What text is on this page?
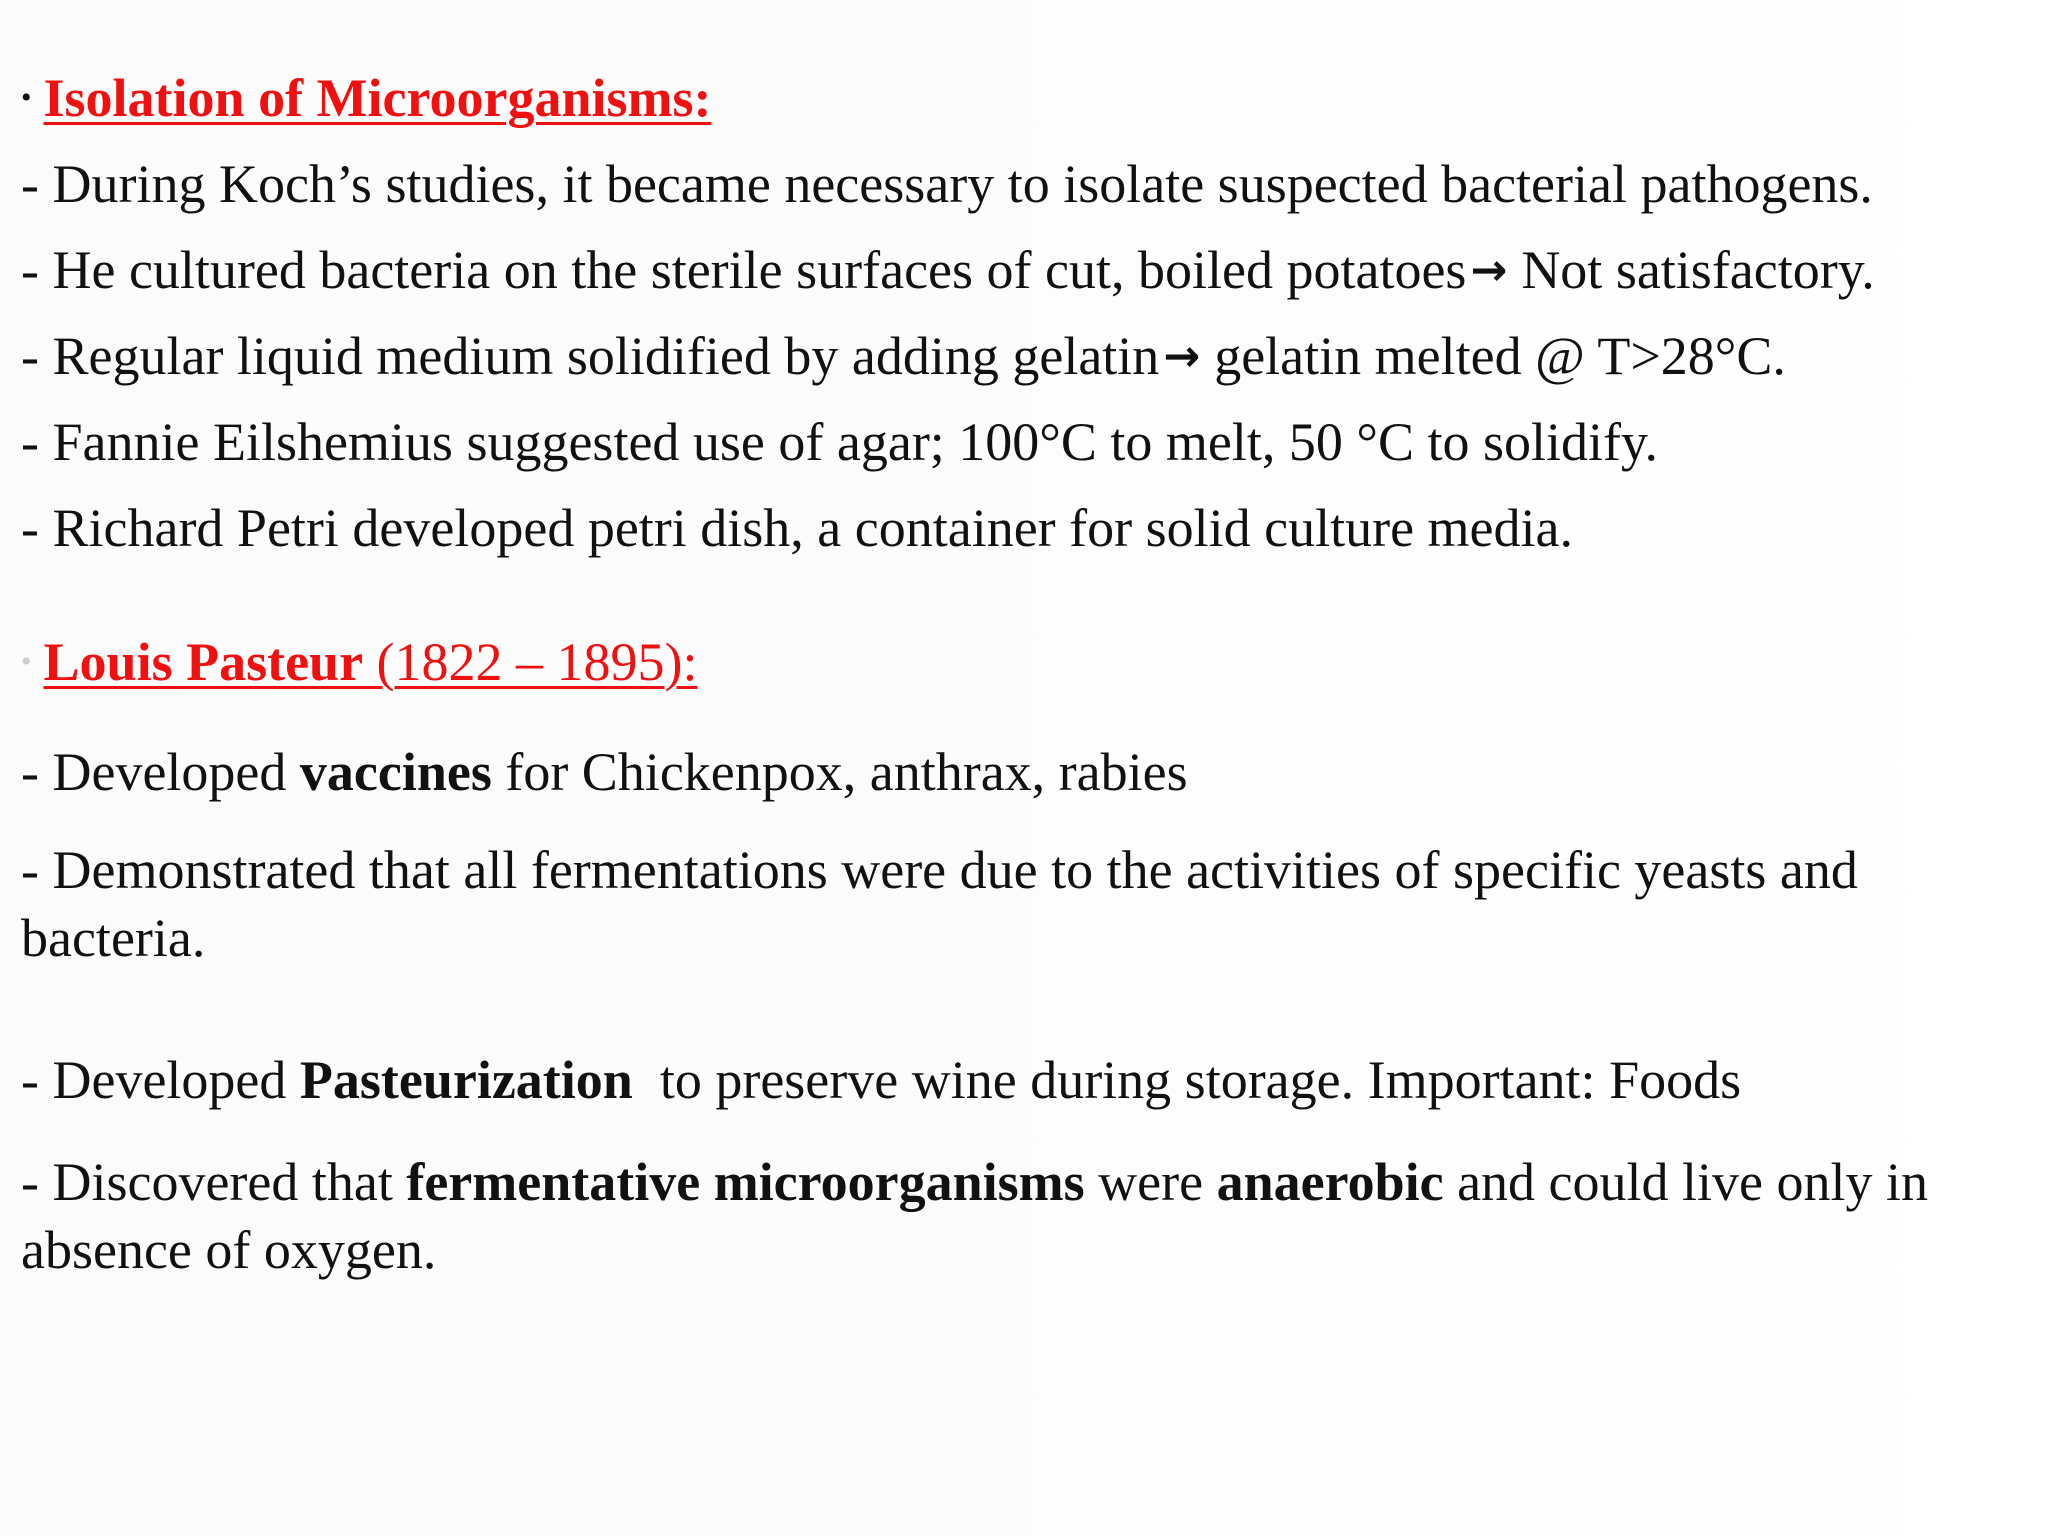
• Isolation of Microorganisms:
- During Koch’s studies, it became necessary to isolate suspected bacterial pathogens.
- He cultured bacteria on the sterile surfaces of cut, boiled potatoes→ Not satisfactory.
- Regular liquid medium solidified by adding gelatin→ gelatin melted @ T>28°C.
- Fannie Eilshemius suggested use of agar; 100°C to melt, 50 °C to solidify.
- Richard Petri developed petri dish, a container for solid culture media.
• Louis Pasteur (1822 – 1895):
- Developed vaccines for Chickenpox, anthrax, rabies
- Demonstrated that all fermentations were due to the activities of specific yeasts and bacteria.
- Developed Pasteurization  to preserve wine during storage. Important: Foods
- Discovered that fermentative microorganisms were anaerobic and could live only in absence of oxygen.
